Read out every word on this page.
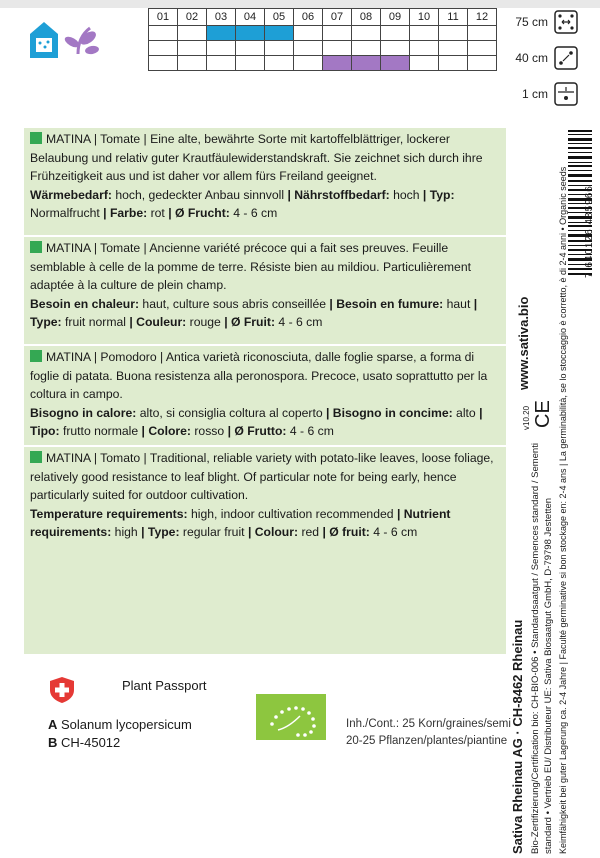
01	02	03	04	05	06	07	08	09	10	11	12

											75 cm
40 cm
1 cm
MATINA | Tomate | Eine alte, bewährte Sorte mit kartoffelblättriger, lockerer Belaubung und relativ guter Krautfäulewiderstandskraft. Sie zeichnet sich durch ihre Frühzeitigkeit aus und ist daher vor allem fürs Freiland geeignet.
Wärmebedarf: hoch, gedeckter Anbau sinnvoll | Nährstoffbedarf: hoch | Typ: Normalfrucht | Farbe: rot | Ø Frucht: 4 - 6 cm
MATINA | Tomate | Ancienne variété précoce qui a fait ses preuves. Feuille semblable à celle de la pomme de terre. Résiste bien au mildiou. Particulièrement adaptée à la culture de plein champ.
Besoin en chaleur: haut, culture sous abris conseillée | Besoin en fumure: haut | Type: fruit normal | Couleur: rouge | Ø Fruit: 4 - 6 cm
MATINA | Pomodoro | Antica varietà riconosciuta, dalle foglie sparse, a forma di foglie di patata. Buona resistenza alla peronospora. Precoce, usato soprattutto per la coltura in campo.
Bisogno in calore: alto, si consiglia coltura al coperto | Bisogno in concime: alto | Tipo: frutto normale | Colore: rosso | Ø Frutto: 4 - 6 cm
MATINA | Tomato | Traditional, reliable variety with potato-like leaves, loose foliage, relatively good resistance to leaf blight. Of particular note for being early, hence particularly suited for outdoor cultivation.
Temperature requirements: high, indoor cultivation recommended | Nutrient requirements: high | Type: regular fruit | Colour: red | Ø fruit: 4 - 6 cm
Sativa Rheinau AG · CH-8462 Rheinau Bio-Zertifizierung/Certification bio: CH-BIO-006 • Standardsaatgut / Semences standard / Sementi standard • Vertrieb EU/ Distributeur UE: Sativa Biosaatgut GmbH, D-79798 Jestetten Keimfähigkeit bei guter Lagerung ca. 2-4 Jahre | Faculté germinative si bon stockage en: 2-4 ans | La germinabilità, se lo stoccaggio è corretto, è di 2-4 anni • Organic seeds
www.sativa.bio
v10.20 CE
7 640126 485966
Plant Passport
A Solanum lycopersicum
B CH-45012
Inh./Cont.: 25 Korn/graines/semi
20-25 Pflanzen/plantes/piantine
